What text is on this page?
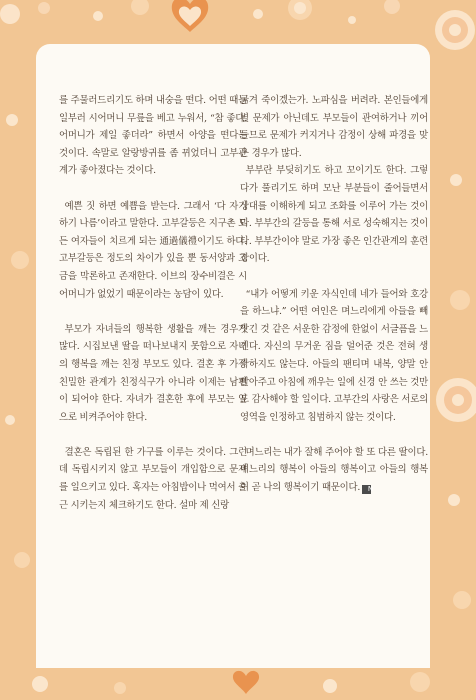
를 주물러드리기도 하며 내숭을 떤다. 어떤 때는 일부러 시어머니 무릎을 베고 누워서, “참 좋다. 어머니가 제일 좋더라” 하면서 아양을 떤다는 것이다. 속말로 알랑방귀를 좀 뀌었더니 고부관계가 좋아졌다는 것이다.

예쁜 짓 하면 예쁨을 받는다. 그래서 ‘다 자기 하기 나름’이라고 말한다. 고부갈등은 지구촌 모든 여자들이 치르게 되는 通過儀禮이기도 하다. 고부갈등은 정도의 차이가 있을 뿐 동서양과 고금을 막론하고 존재한다. 이브의 장수비결은 시어머니가 없었기 때문이라는 농담이 있다.

부모가 자녀들의 행복한 생활을 깨는 경우가 많다. 시집보낸 딸을 떠나보내지 못함으로 자녀의 행복을 깨는 친정 부모도 있다. 결혼 후 가장 친밀한 관계가 친정식구가 아니라 이제는 남편이 되어야 한다. 자녀가 결혼한 후에 부모는 옆으로 비켜주어야 한다.

결혼은 독립된 한 가구를 이루는 것이다. 그런데 독립시키지 않고 부모들이 개입함으로 문제를 일으키고 있다. 혹자는 아침밥이나 먹여서 출근 시키는지 체크하기도 한다. 설마 제 신랑

굶겨 죽이겠는가. 노파심을 버려라. 본인들에게 별 문제가 아닌데도 부모들이 관여하거나 끼어들므로 문제가 커지거나 감정이 상해 파경을 맞은 경우가 많다.

부부란 부딪히기도 하고 꼬이기도 한다. 그렇다가 풀리기도 하며 모난 부분들이 줄어들면서 상대를 이해하게 되고 조화를 이루어 가는 것이다. 부부간의 갈등을 통해 서로 성숙해지는 것이다. 부부간이야 말로 가장 좋은 인간관계의 훈련장이다.

“내가 어떻게 키운 자식인데 네가 들어와 호강을 하느냐.” 어떤 여인은 며느리에게 아들을 빼앗긴 것 같은 서운한 감정에 한없이 서글픔을 느낀다. 자신의 무거운 짐을 덜어준 것은 전혀 생각하지도 않는다. 아들의 팬티며 내복, 양말 안 빨아주고 아침에 깨우는 일에 신경 안 쓰는 것만도 감사해야 할 일이다. 고부간의 사랑은 서로의 영역을 인정하고 침범하지 않는 것이다.

며느리는 내가 잘해 주어야 할 또 다른 딸이다. 며느리의 행복이 아들의 행복이고 아들의 행복이 곧 나의 행복이기 때문이다. N
